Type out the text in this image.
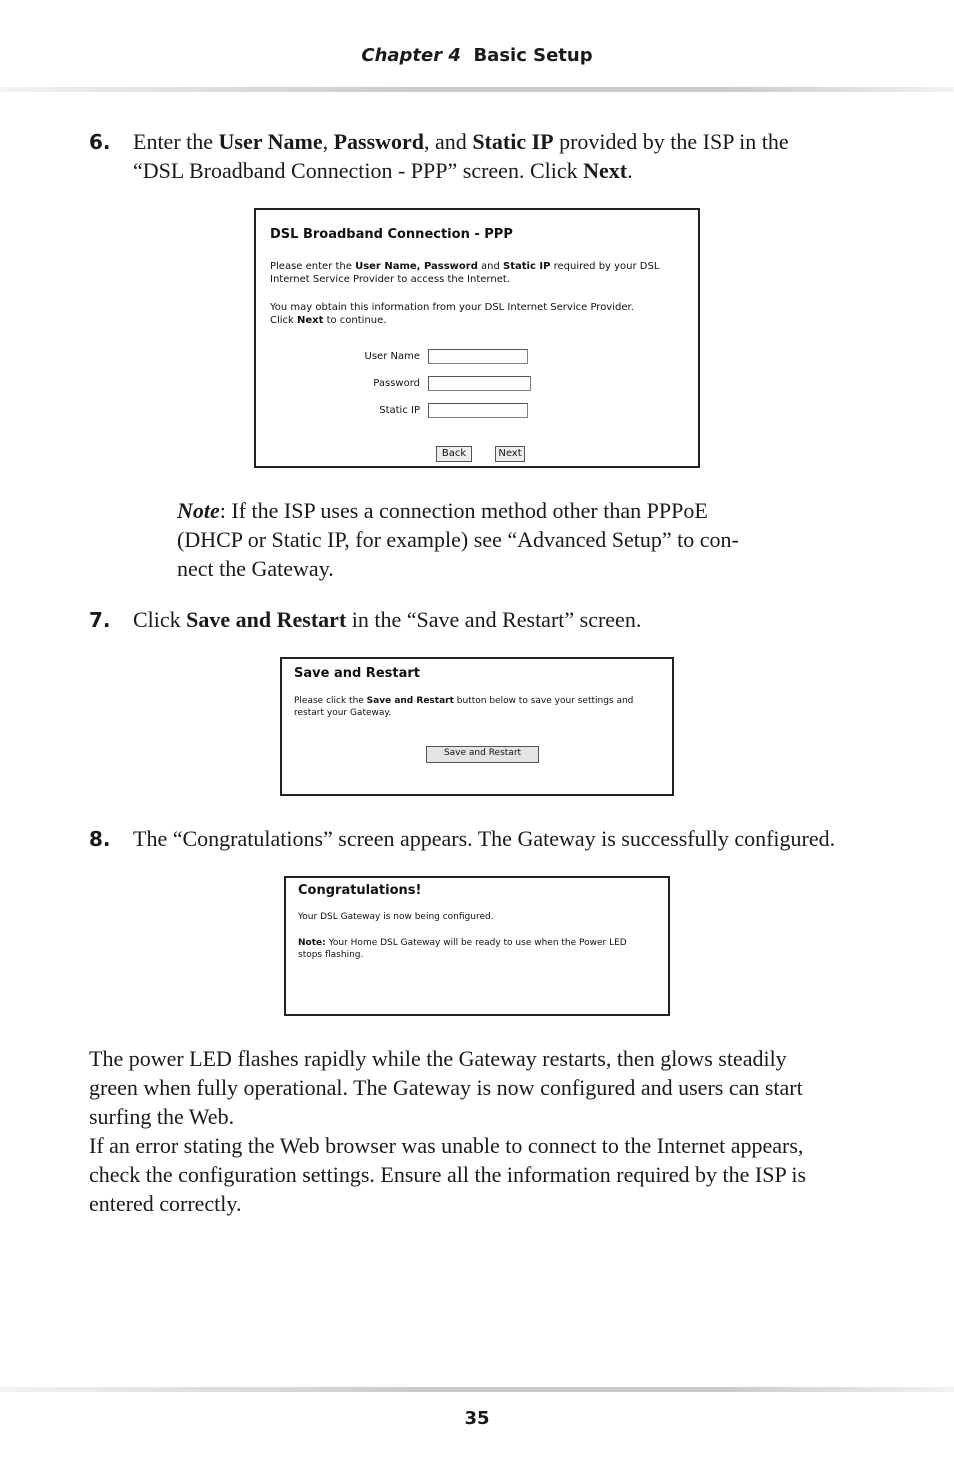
Chapter 4 Basic Setup
6. Enter the User Name, Password, and Static IP provided by the ISP in the
“DSL Broadband Connection - PPP” screen. Click Next.
DSL Broadband Connection - PPP
Please enter the User Name, Password and Static IP required by your DSL
Internet Service Provider to access the Internet.
You may obtain this information from your DSL Internet Service Provider.
Click Next to continue.
User Name
Password
Static IP
Back	Next
Note: If the ISP uses a connection method other than PPPoE
(DHCP or Static IP, for example) see “Advanced Setup” to con-
nect the Gateway.
7. Click Save and Restart in the “Save and Restart” screen.
Save and Restart
Please click the Save and Restart button below to save your settings and
restart your Gateway.
Save and Restart
8. The “Congratulations” screen appears. The Gateway is successfully configured.
Congratulations!
Your DSL Gateway is now being configured.
Note: Your Home DSL Gateway will be ready to use when the Power LED
stops flashing.
The power LED flashes rapidly while the Gateway restarts, then glows steadily
green when fully operational. The Gateway is now configured and users can start
surfing the Web.
If an error stating the Web browser was unable to connect to the Internet appears,
check the configuration settings. Ensure all the information required by the ISP is
entered correctly.
35
